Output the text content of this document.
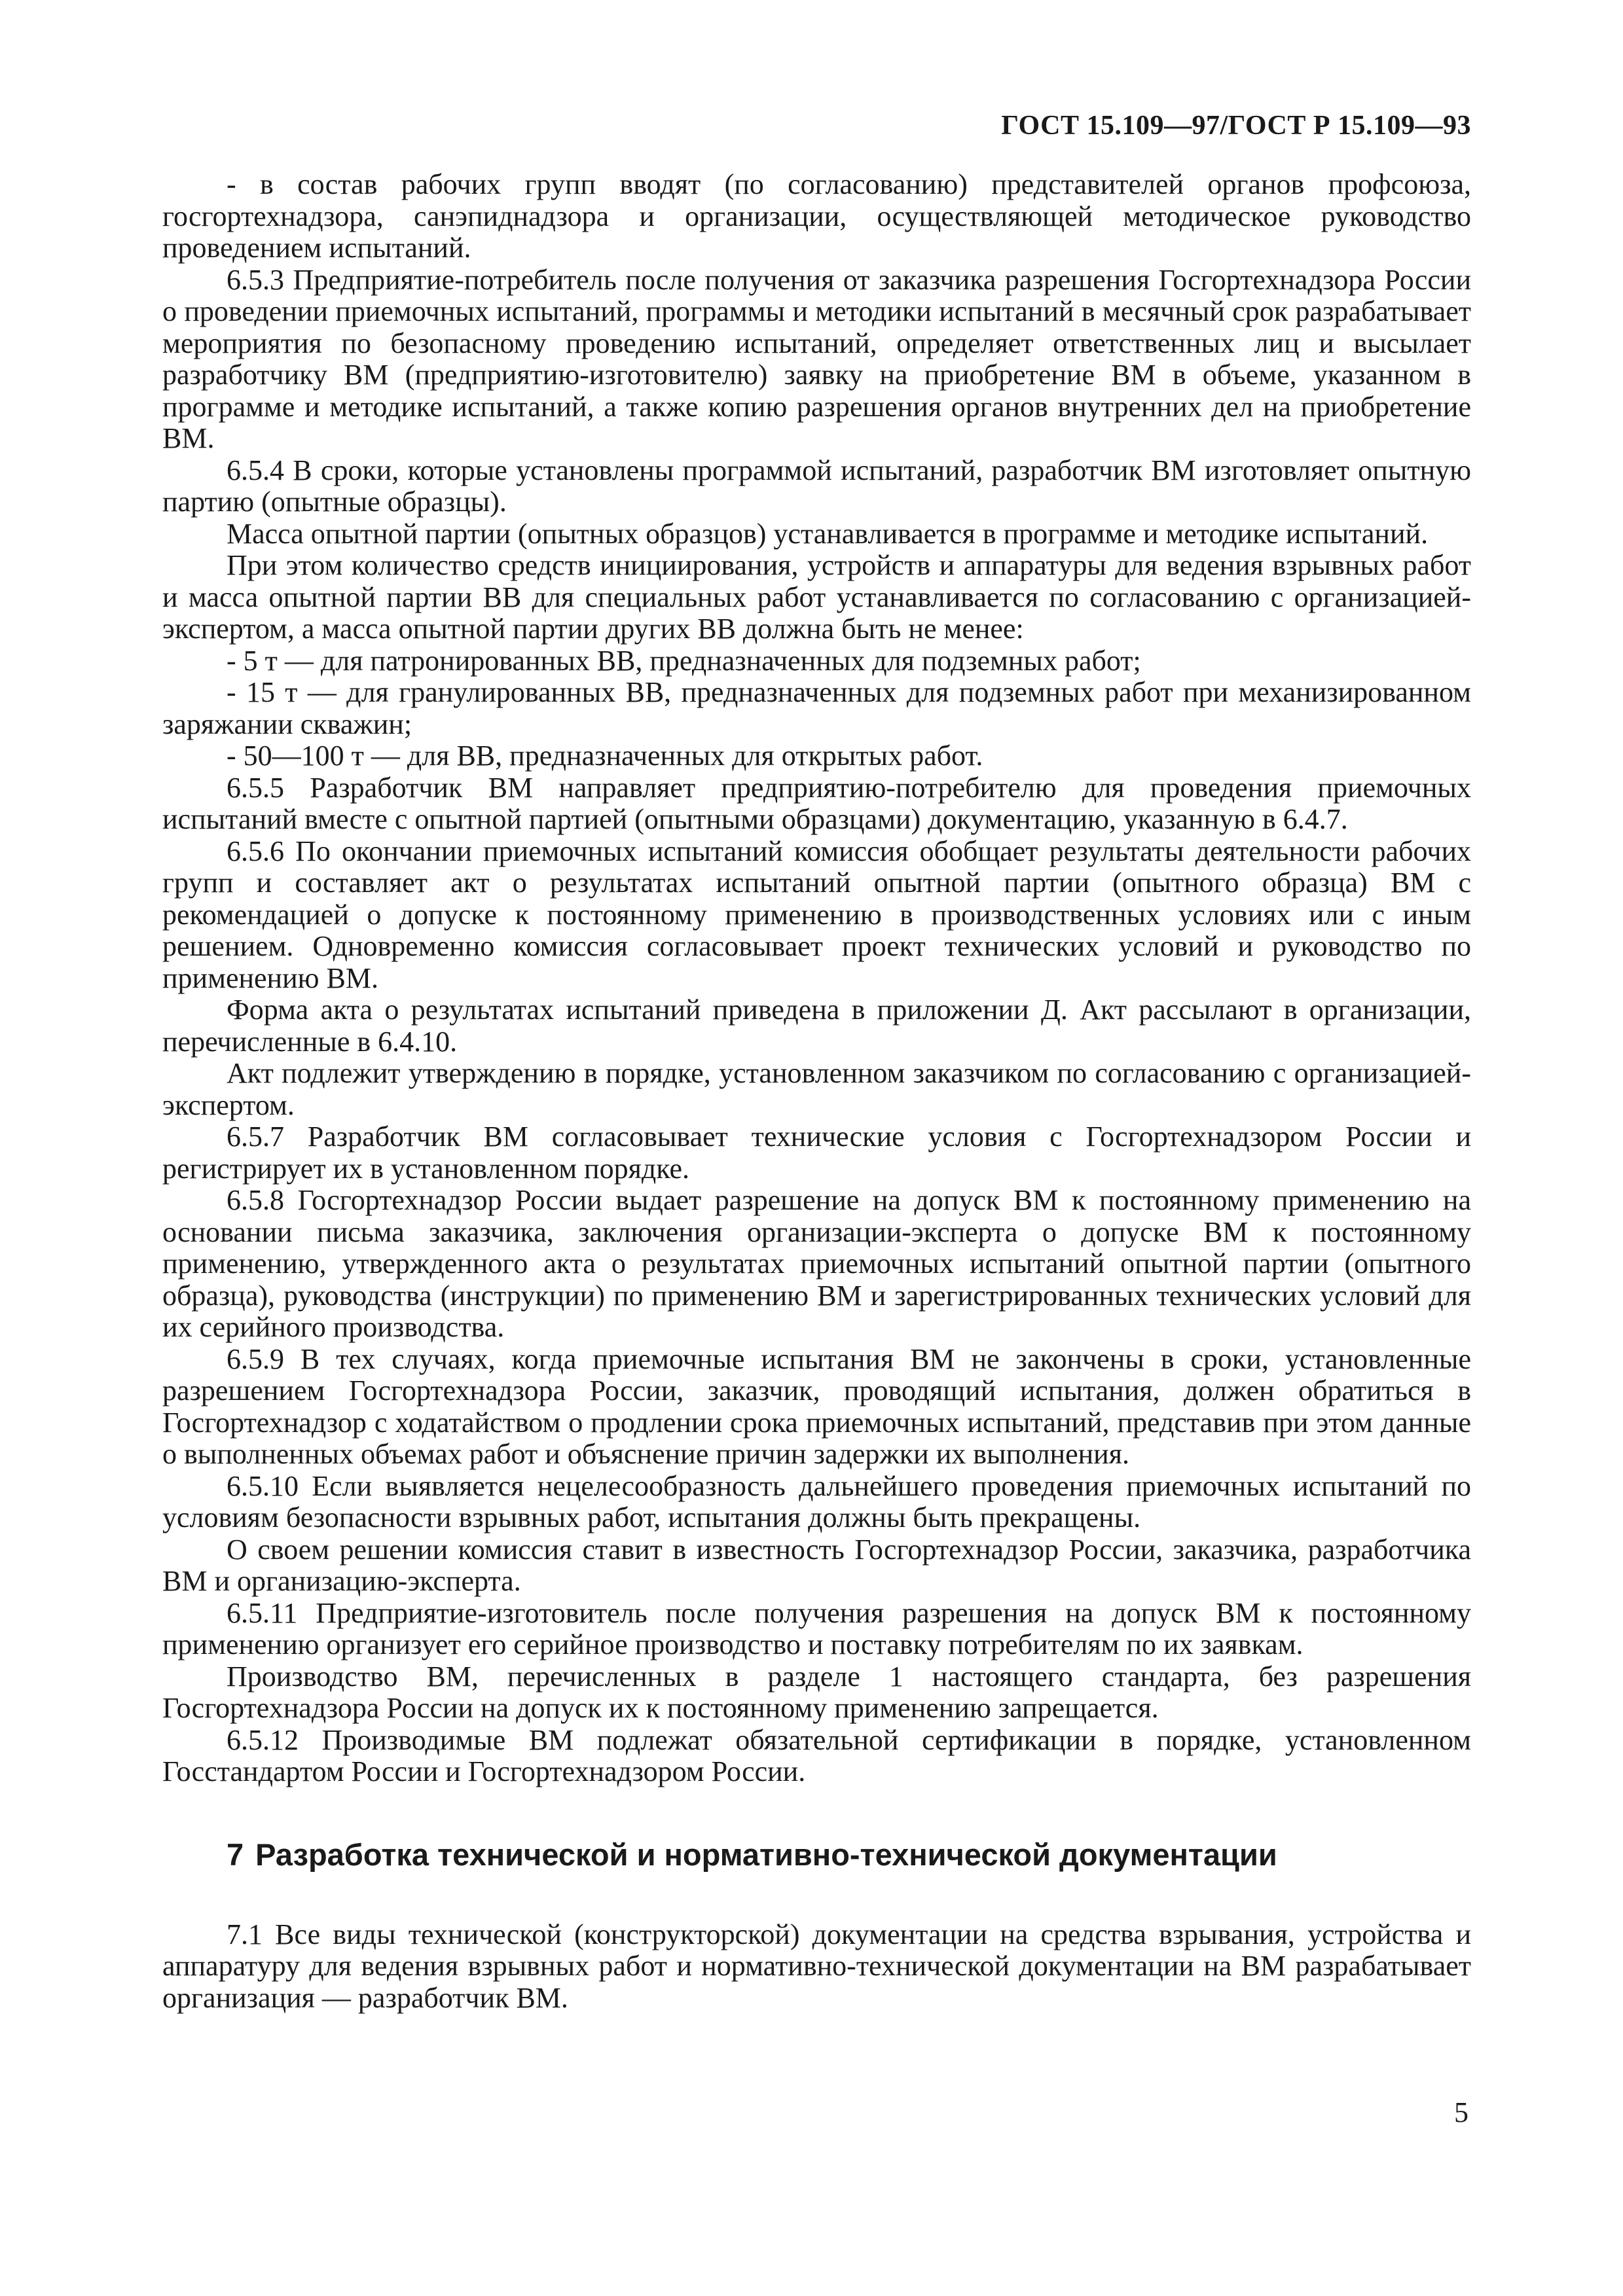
ГОСТ 15.109—97/ГОСТ Р 15.109—93

- в состав рабочих групп вводят (по согласованию) представителей органов профсоюза, госгортехнадзора, санэпиднадзора и организации, осуществляющей методическое руководство проведением испытаний.

6.5.3 Предприятие-потребитель после получения от заказчика разрешения Госгортехнадзора России о проведении приемочных испытаний, программы и методики испытаний в месячный срок разрабатывает мероприятия по безопасному проведению испытаний, определяет ответственных лиц и высылает разработчику ВМ (предприятию-изготовителю) заявку на приобретение ВМ в объеме, указанном в программе и методике испытаний, а также копию разрешения органов внутренних дел на приобретение ВМ.

6.5.4 В сроки, которые установлены программой испытаний, разработчик ВМ изготовляет опытную партию (опытные образцы).

Масса опытной партии (опытных образцов) устанавливается в программе и методике испытаний.

При этом количество средств инициирования, устройств и аппаратуры для ведения взрывных работ и масса опытной партии ВВ для специальных работ устанавливается по согласованию с организацией-экспертом, а масса опытной партии других ВВ должна быть не менее:

- 5 т — для патронированных ВВ, предназначенных для подземных работ;

- 15 т — для гранулированных ВВ, предназначенных для подземных работ при механизированном заряжании скважин;

- 50—100 т — для ВВ, предназначенных для открытых работ.

6.5.5 Разработчик ВМ направляет предприятию-потребителю для проведения приемочных испытаний вместе с опытной партией (опытными образцами) документацию, указанную в 6.4.7.

6.5.6 По окончании приемочных испытаний комиссия обобщает результаты деятельности рабочих групп и составляет акт о результатах испытаний опытной партии (опытного образца) ВМ с рекомендацией о допуске к постоянному применению в производственных условиях или с иным решением. Одновременно комиссия согласовывает проект технических условий и руководство по применению ВМ.

Форма акта о результатах испытаний приведена в приложении Д. Акт рассылают в организации, перечисленные в 6.4.10.

Акт подлежит утверждению в порядке, установленном заказчиком по согласованию с организацией-экспертом.

6.5.7 Разработчик ВМ согласовывает технические условия с Госгортехнадзором России и регистрирует их в установленном порядке.

6.5.8 Госгортехнадзор России выдает разрешение на допуск ВМ к постоянному применению на основании письма заказчика, заключения организации-эксперта о допуске ВМ к постоянному применению, утвержденного акта о результатах приемочных испытаний опытной партии (опытного образца), руководства (инструкции) по применению ВМ и зарегистрированных технических условий для их серийного производства.

6.5.9 В тех случаях, когда приемочные испытания ВМ не закончены в сроки, установленные разрешением Госгортехнадзора России, заказчик, проводящий испытания, должен обратиться в Госгортехнадзор с ходатайством о продлении срока приемочных испытаний, представив при этом данные о выполненных объемах работ и объяснение причин задержки их выполнения.

6.5.10 Если выявляется нецелесообразность дальнейшего проведения приемочных испытаний по условиям безопасности взрывных работ, испытания должны быть прекращены.

О своем решении комиссия ставит в известность Госгортехнадзор России, заказчика, разработчика ВМ и организацию-эксперта.

6.5.11 Предприятие-изготовитель после получения разрешения на допуск ВМ к постоянному применению организует его серийное производство и поставку потребителям по их заявкам.

Производство ВМ, перечисленных в разделе 1 настоящего стандарта, без разрешения Госгортехнадзора России на допуск их к постоянному применению запрещается.

6.5.12 Производимые ВМ подлежат обязательной сертификации в порядке, установленном Госстандартом России и Госгортехнадзором России.

7 Разработка технической и нормативно-технической документации

7.1 Все виды технической (конструкторской) документации на средства взрывания, устройства и аппаратуру для ведения взрывных работ и нормативно-технической документации на ВМ разрабатывает организация — разработчик ВМ.

5
